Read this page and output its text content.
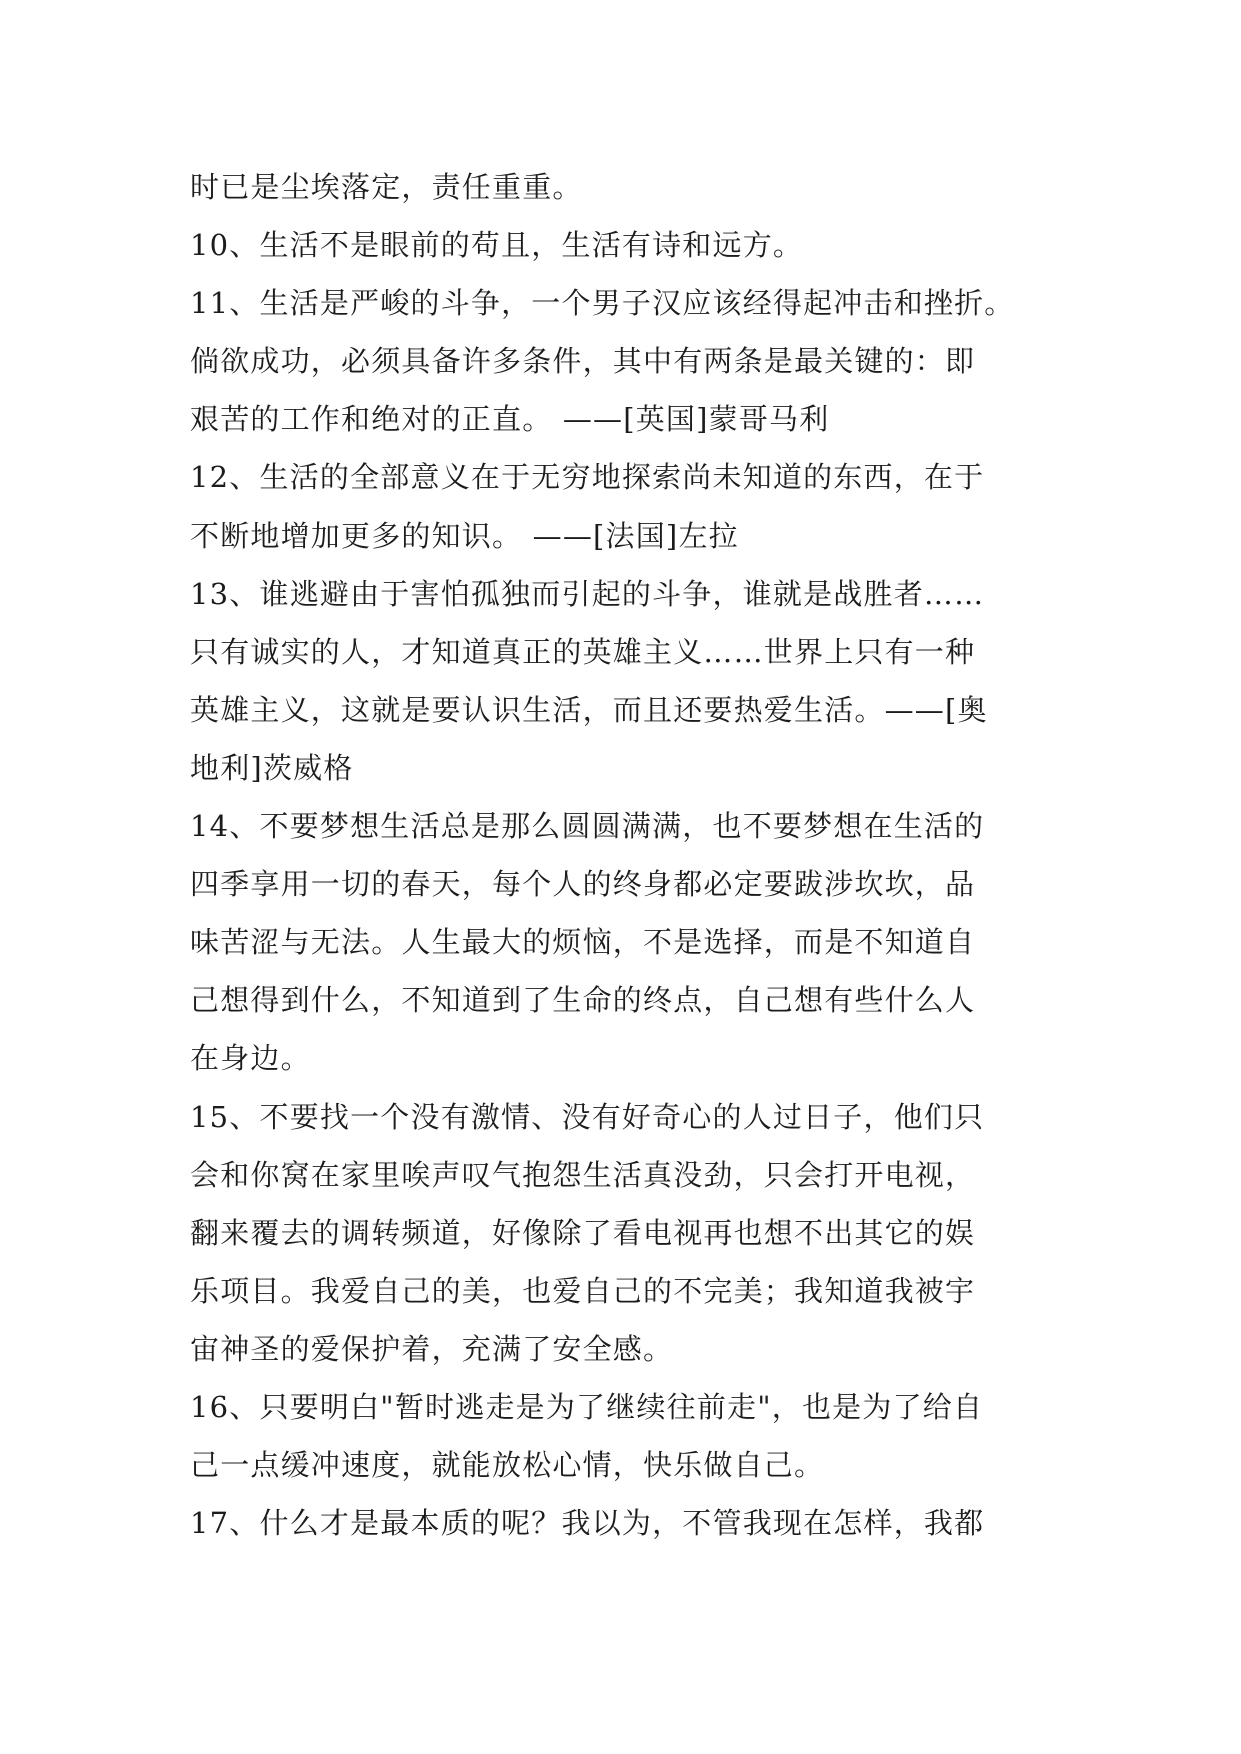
时已是尘埃落定，责任重重。
10、生活不是眼前的苟且，生活有诗和远方。
11、生活是严峻的斗争，一个男子汉应该经得起冲击和挫折。
倘欲成功，必须具备许多条件，其中有两条是最关键的：即
艰苦的工作和绝对的正直。 ——[英国]蒙哥马利
12、生活的全部意义在于无穷地探索尚未知道的东西，在于
不断地增加更多的知识。 ——[法国]左拉
13、谁逃避由于害怕孤独而引起的斗争，谁就是战胜者……
只有诚实的人，才知道真正的英雄主义……世界上只有一种
英雄主义，这就是要认识生活，而且还要热爱生活。——[奥
地利]茨威格
14、不要梦想生活总是那么圆圆满满，也不要梦想在生活的
四季享用一切的春天，每个人的终身都必定要跋涉坎坎，品
味苦涩与无法。人生最大的烦恼，不是选择，而是不知道自
己想得到什么，不知道到了生命的终点，自己想有些什么人
在身边。
15、不要找一个没有激情、没有好奇心的人过日子，他们只
会和你窝在家里唉声叹气抱怨生活真没劲，只会打开电视，
翻来覆去的调转频道，好像除了看电视再也想不出其它的娱
乐项目。我爱自己的美，也爱自己的不完美；我知道我被宇
宙神圣的爱保护着，充满了安全感。
16、只要明白"暂时逃走是为了继续往前走"，也是为了给自
己一点缓冲速度，就能放松心情，快乐做自己。
17、什么才是最本质的呢？我以为，不管我现在怎样，我都
